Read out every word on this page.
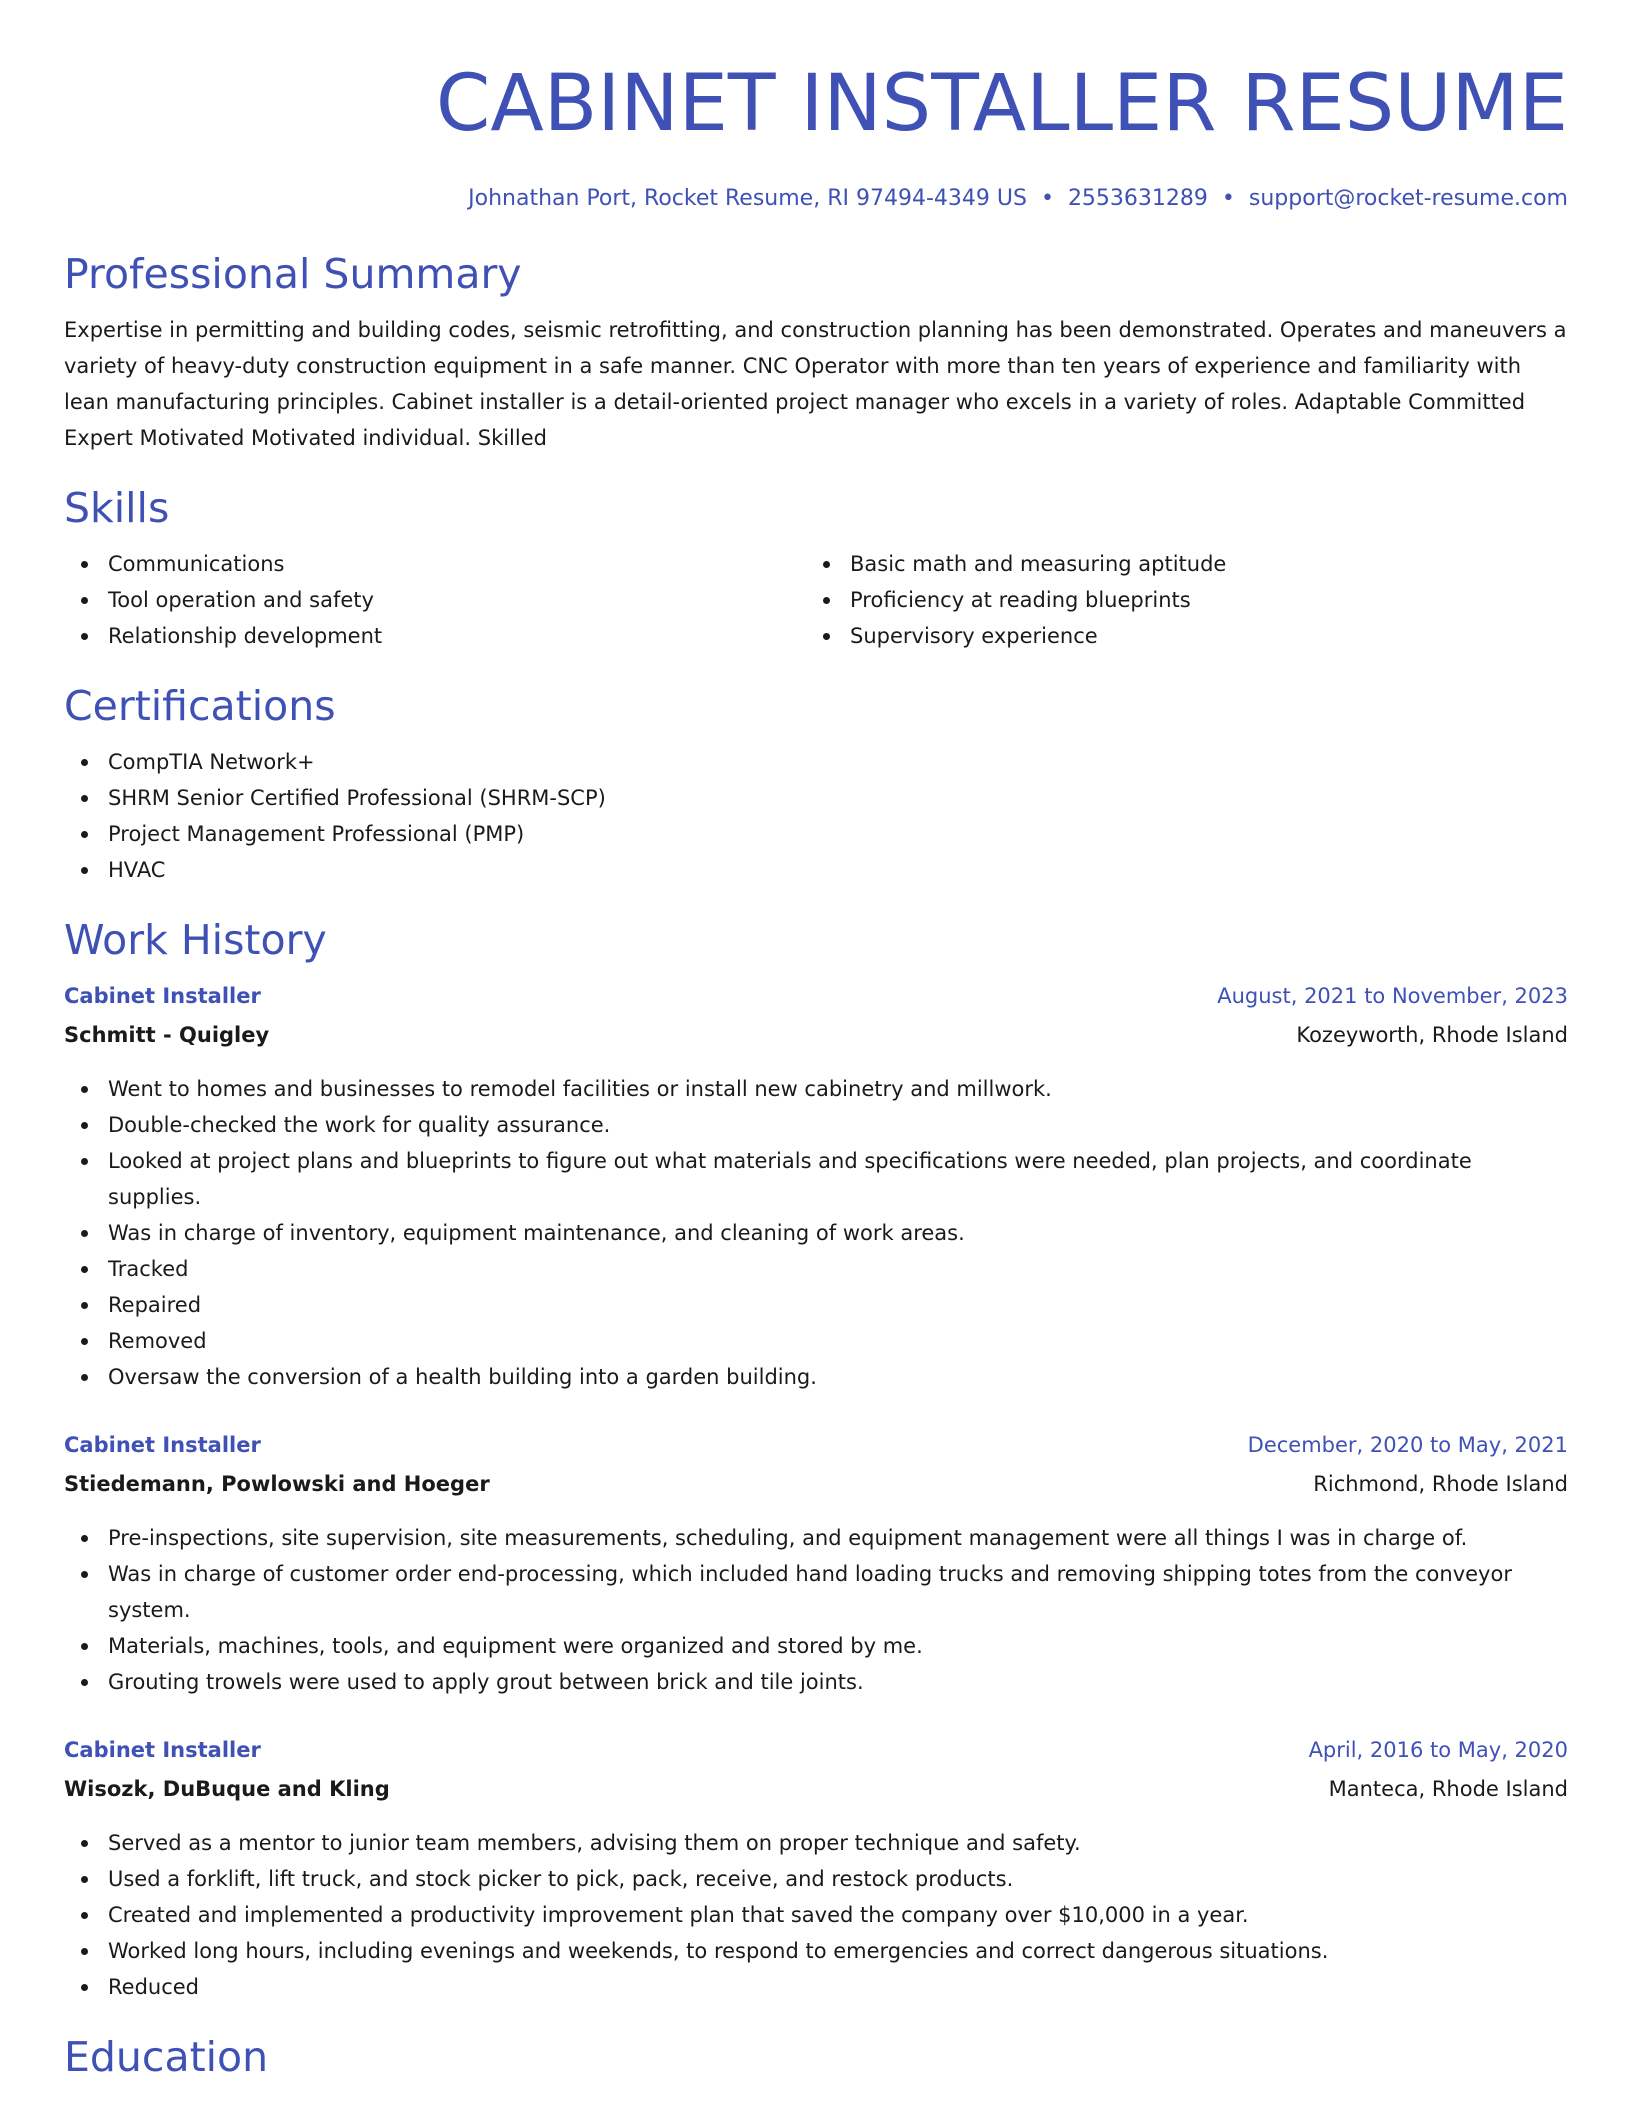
CABINET INSTALLER RESUME
Johnathan Port, Rocket Resume, RI 97494-4349 US • 2553631289 • support@rocket-resume.com
Professional Summary

Expertise in permitting and building codes, seismic retrofitting, and construction planning has been demonstrated. Operates and maneuvers a variety of heavy-duty construction equipment in a safe manner. CNC Operator with more than ten years of experience and familiarity with lean manufacturing principles. Cabinet installer is a detail-oriented project manager who excels in a variety of roles. Adaptable Committed Expert Motivated Motivated individual. Skilled

Skills
Communications
Tool operation and safety
Relationship development
Basic math and measuring aptitude
Proficiency at reading blueprints
Supervisory experience
Certifications
CompTIA Network+
SHRM Senior Certified Professional (SHRM-SCP)
Project Management Professional (PMP)
HVAC
Work History
Cabinet Installer	August, 2021 to November, 2023
Schmitt - Quigley	Kozeyworth, Rhode Island
Went to homes and businesses to remodel facilities or install new cabinetry and millwork.
Double-checked the work for quality assurance.
Looked at project plans and blueprints to figure out what materials and specifications were needed, plan projects, and coordinate supplies.
Was in charge of inventory, equipment maintenance, and cleaning of work areas.
Tracked
Repaired
Removed
Oversaw the conversion of a health building into a garden building.
Cabinet Installer	December, 2020 to May, 2021
Stiedemann, Powlowski and Hoeger	Richmond, Rhode Island
Pre-inspections, site supervision, site measurements, scheduling, and equipment management were all things I was in charge of.
Was in charge of customer order end-processing, which included hand loading trucks and removing shipping totes from the conveyor system.
Materials, machines, tools, and equipment were organized and stored by me.
Grouting trowels were used to apply grout between brick and tile joints.
Cabinet Installer	April, 2016 to May, 2020
Wisozk, DuBuque and Kling	Manteca, Rhode Island
Served as a mentor to junior team members, advising them on proper technique and safety.
Used a forklift, lift truck, and stock picker to pick, pack, receive, and restock products.
Created and implemented a productivity improvement plan that saved the company over $10,000 in a year.
Worked long hours, including evenings and weekends, to respond to emergencies and correct dangerous situations.
Reduced
Education
